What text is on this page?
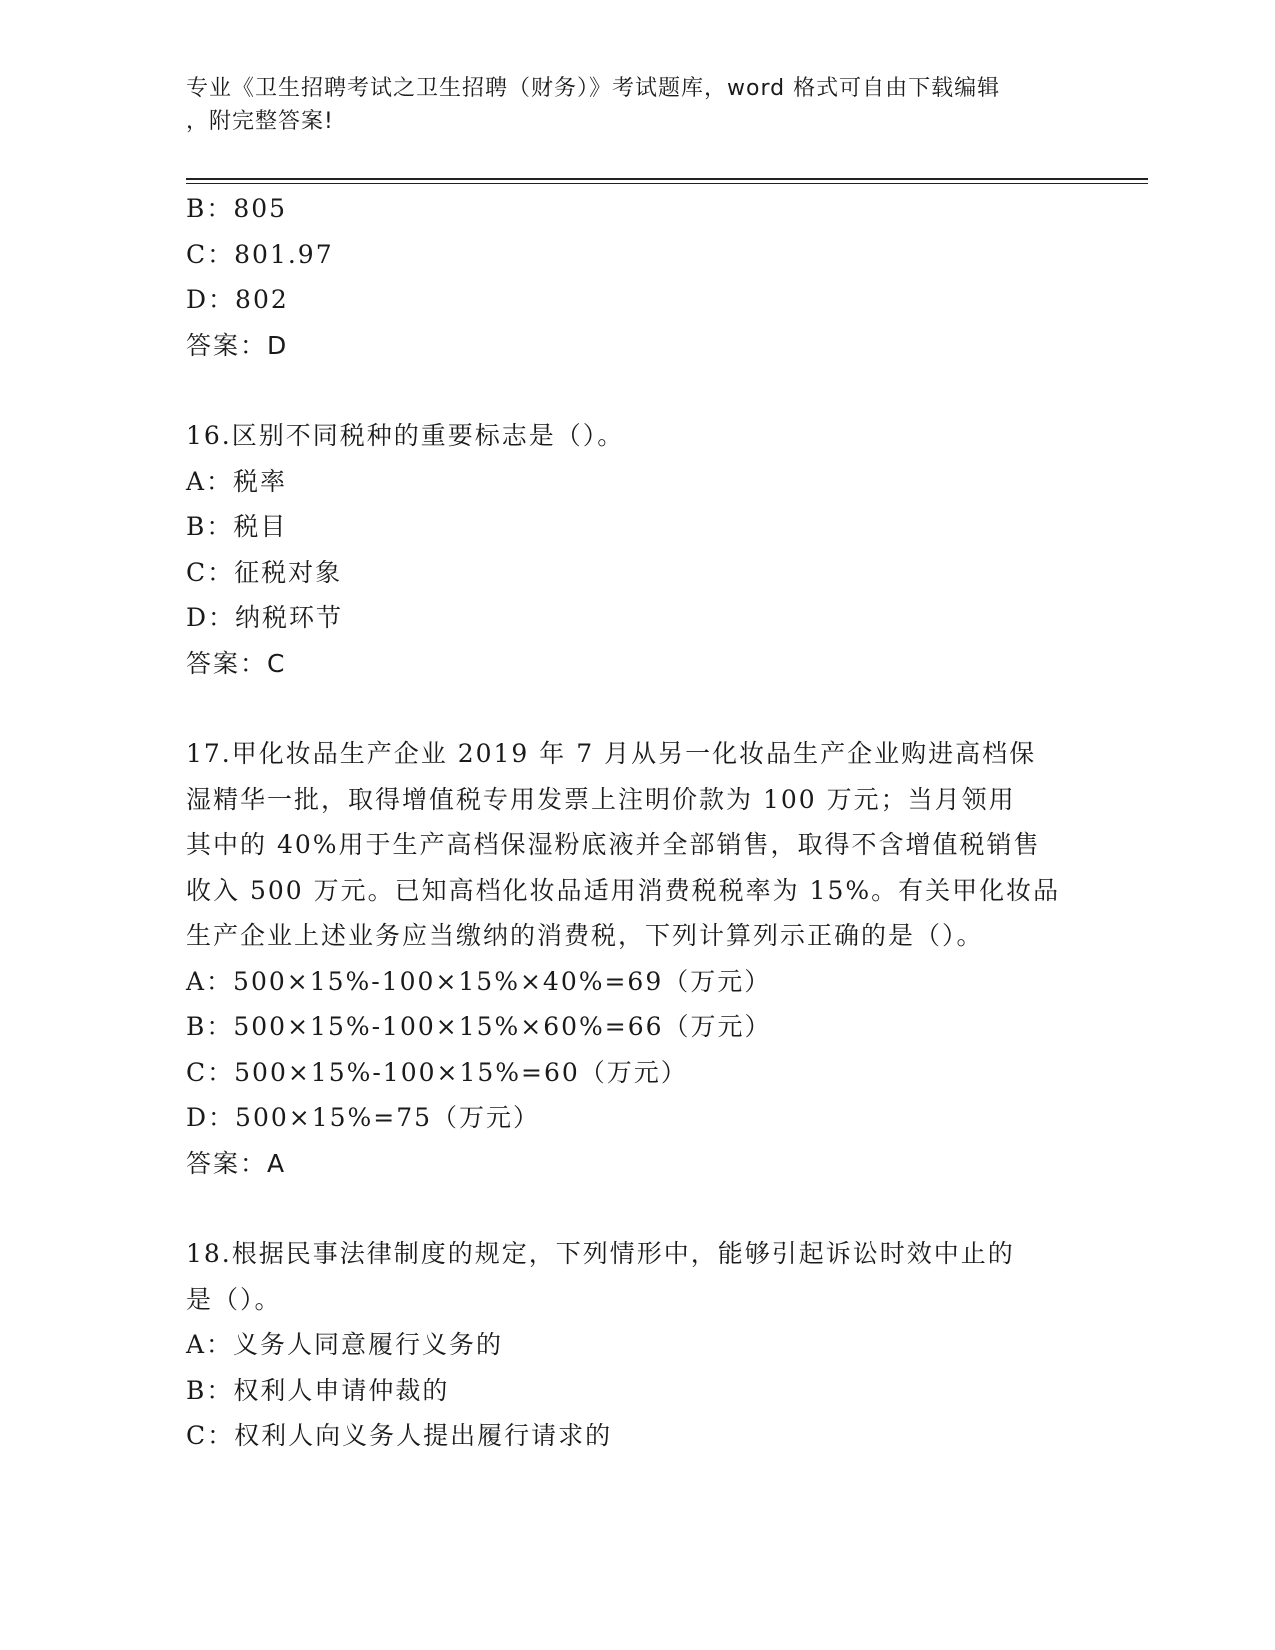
专业《卫生招聘考试之卫生招聘（财务）》考试题库，word 格式可自由下载编辑
，附完整答案!
B：805
C：801.97
D：802
答案：D
16.区别不同税种的重要标志是（）。
A：税率
B：税目
C：征税对象
D：纳税环节
答案：C
17.甲化妆品生产企业 2019 年 7 月从另一化妆品生产企业购进高档保
湿精华一批，取得增值税专用发票上注明价款为 100 万元；当月领用
其中的 40%用于生产高档保湿粉底液并全部销售，取得不含增值税销售
收入 500 万元。已知高档化妆品适用消费税税率为 15%。有关甲化妆品
生产企业上述业务应当缴纳的消费税，下列计算列示正确的是（）。
A：500×15%-100×15%×40%=69（万元）
B：500×15%-100×15%×60%=66（万元）
C：500×15%-100×15%=60（万元）
D：500×15%=75（万元）
答案：A
18.根据民事法律制度的规定，下列情形中，能够引起诉讼时效中止的
是（）。
A：义务人同意履行义务的
B：权利人申请仲裁的
C：权利人向义务人提出履行请求的
